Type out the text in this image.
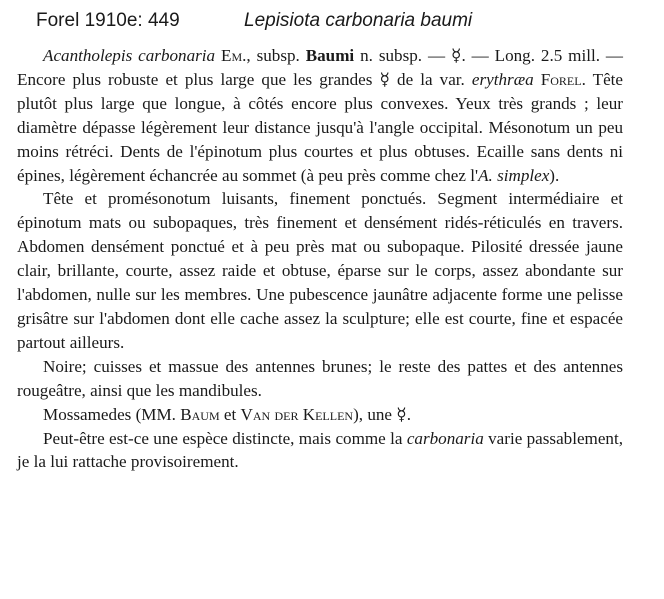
Forel 1910e: 449	Lepisiota carbonaria baumi

Acantholepis carbonaria Em., subsp. Baumi n. subsp. — ☿. — Long. 2.5 mill. — Encore plus robuste et plus large que les grandes ☿ de la var. erythræa Forel. Tête plutôt plus large que longue, à côtés encore plus convexes. Yeux très grands ; leur diamètre dépasse légèrement leur distance jusqu'à l'angle occipital. Mésonotum un peu moins rétréci. Dents de l'épinotum plus courtes et plus obtuses. Ecaille sans dents ni épines, légèrement échancrée au sommet (à peu près comme chez l'A. simplex).

Tête et promésonotum luisants, finement ponctués. Segment intermédiaire et épinotum mats ou subopaques, très finement et densément ridés-réticulés en travers. Abdomen densément ponctué et à peu près mat ou subopaque. Pilosité dressée jaune clair, brillante, courte, assez raide et obtuse, éparse sur le corps, assez abondante sur l'abdomen, nulle sur les membres. Une pubescence jaunâtre adjacente forme une pelisse grisâtre sur l'abdomen dont elle cache assez la sculpture; elle est courte, fine et espacée partout ailleurs.

Noire; cuisses et massue des antennes brunes; le reste des pattes et des antennes rougeâtre, ainsi que les mandibules.

Mossamedes (MM. Baum et Van der Kellen), une ☿.

Peut-être est-ce une espèce distincte, mais comme la carbonaria varie passablement, je la lui rattache provisoirement.
